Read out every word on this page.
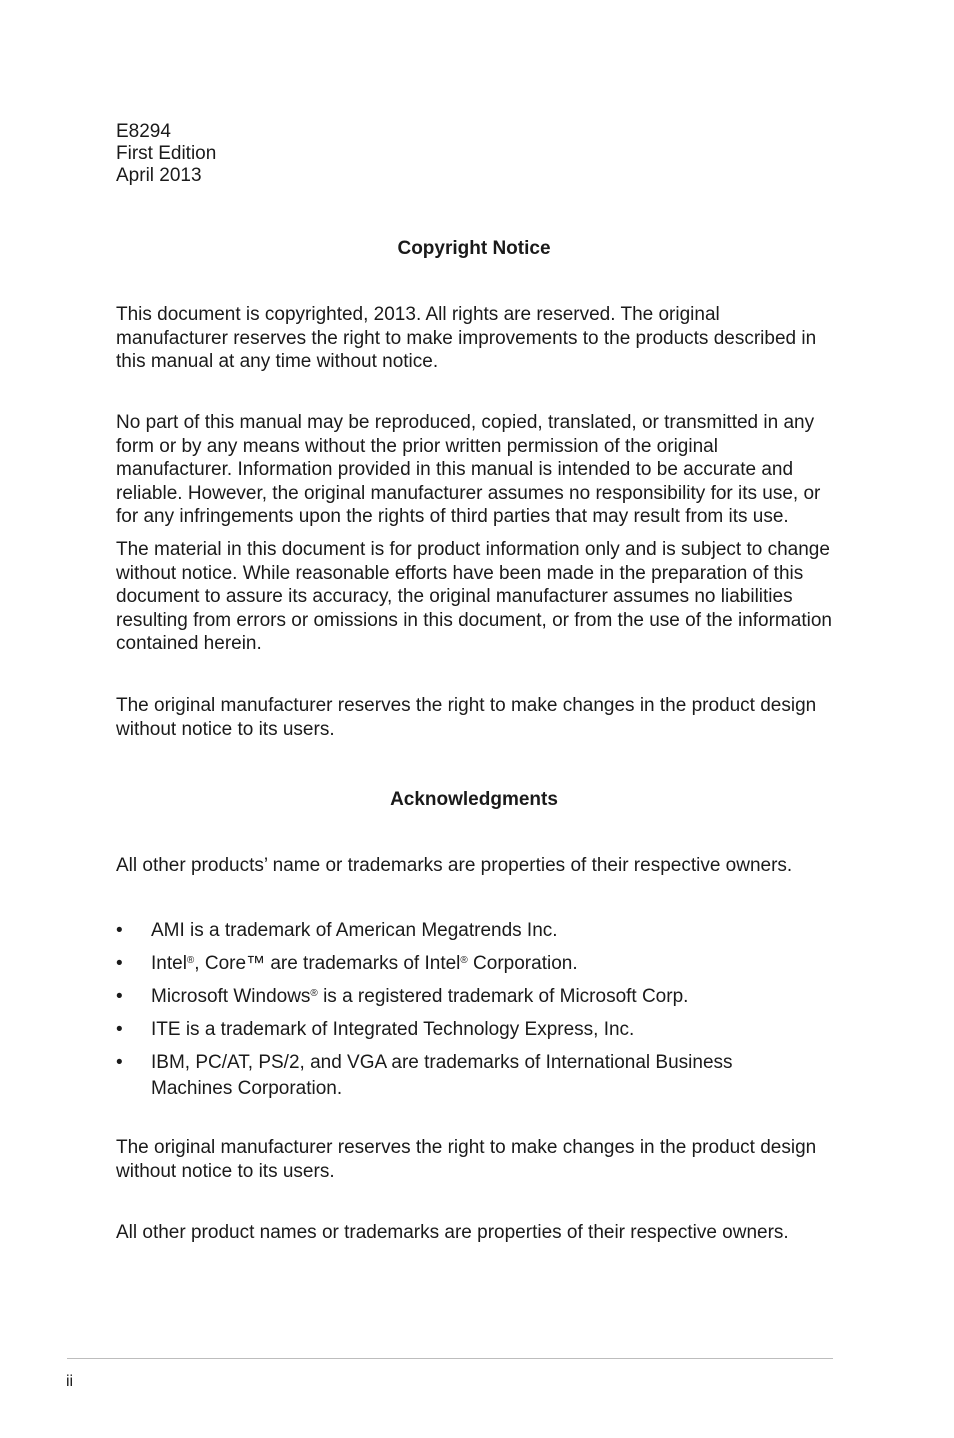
E8294
First Edition
April 2013
Copyright Notice

This document is copyrighted, 2013. All rights are reserved. The original manufacturer reserves the right to make improvements to the products described in this manual at any time without notice.

No part of this manual may be reproduced, copied, translated, or transmitted in any form or by any means without the prior written permission of the original manufacturer. Information provided in this manual is intended to be accurate and reliable. However, the original manufacturer assumes no responsibility for its use, or for any infringements upon the rights of third parties that may result from its use.

The material in this document is for product information only and is subject to change without notice. While reasonable efforts have been made in the preparation of this document to assure its accuracy, the original manufacturer assumes no liabilities resulting from errors or omissions in this document, or from the use of the information contained herein.

The original manufacturer reserves the right to make changes in the product design without notice to its users.

Acknowledgments

All other products’ name or trademarks are properties of their respective owners.

• AMI is a trademark of American Megatrends Inc.
• Intel®, Core™ are trademarks of Intel® Corporation.
• Microsoft Windows® is a registered trademark of Microsoft Corp.
• ITE is a trademark of Integrated Technology Express, Inc.
• IBM, PC/AT, PS/2, and VGA are trademarks of International Business Machines Corporation.

The original manufacturer reserves the right to make changes in the product design without notice to its users.

All other product names or trademarks are properties of their respective owners.

ii
